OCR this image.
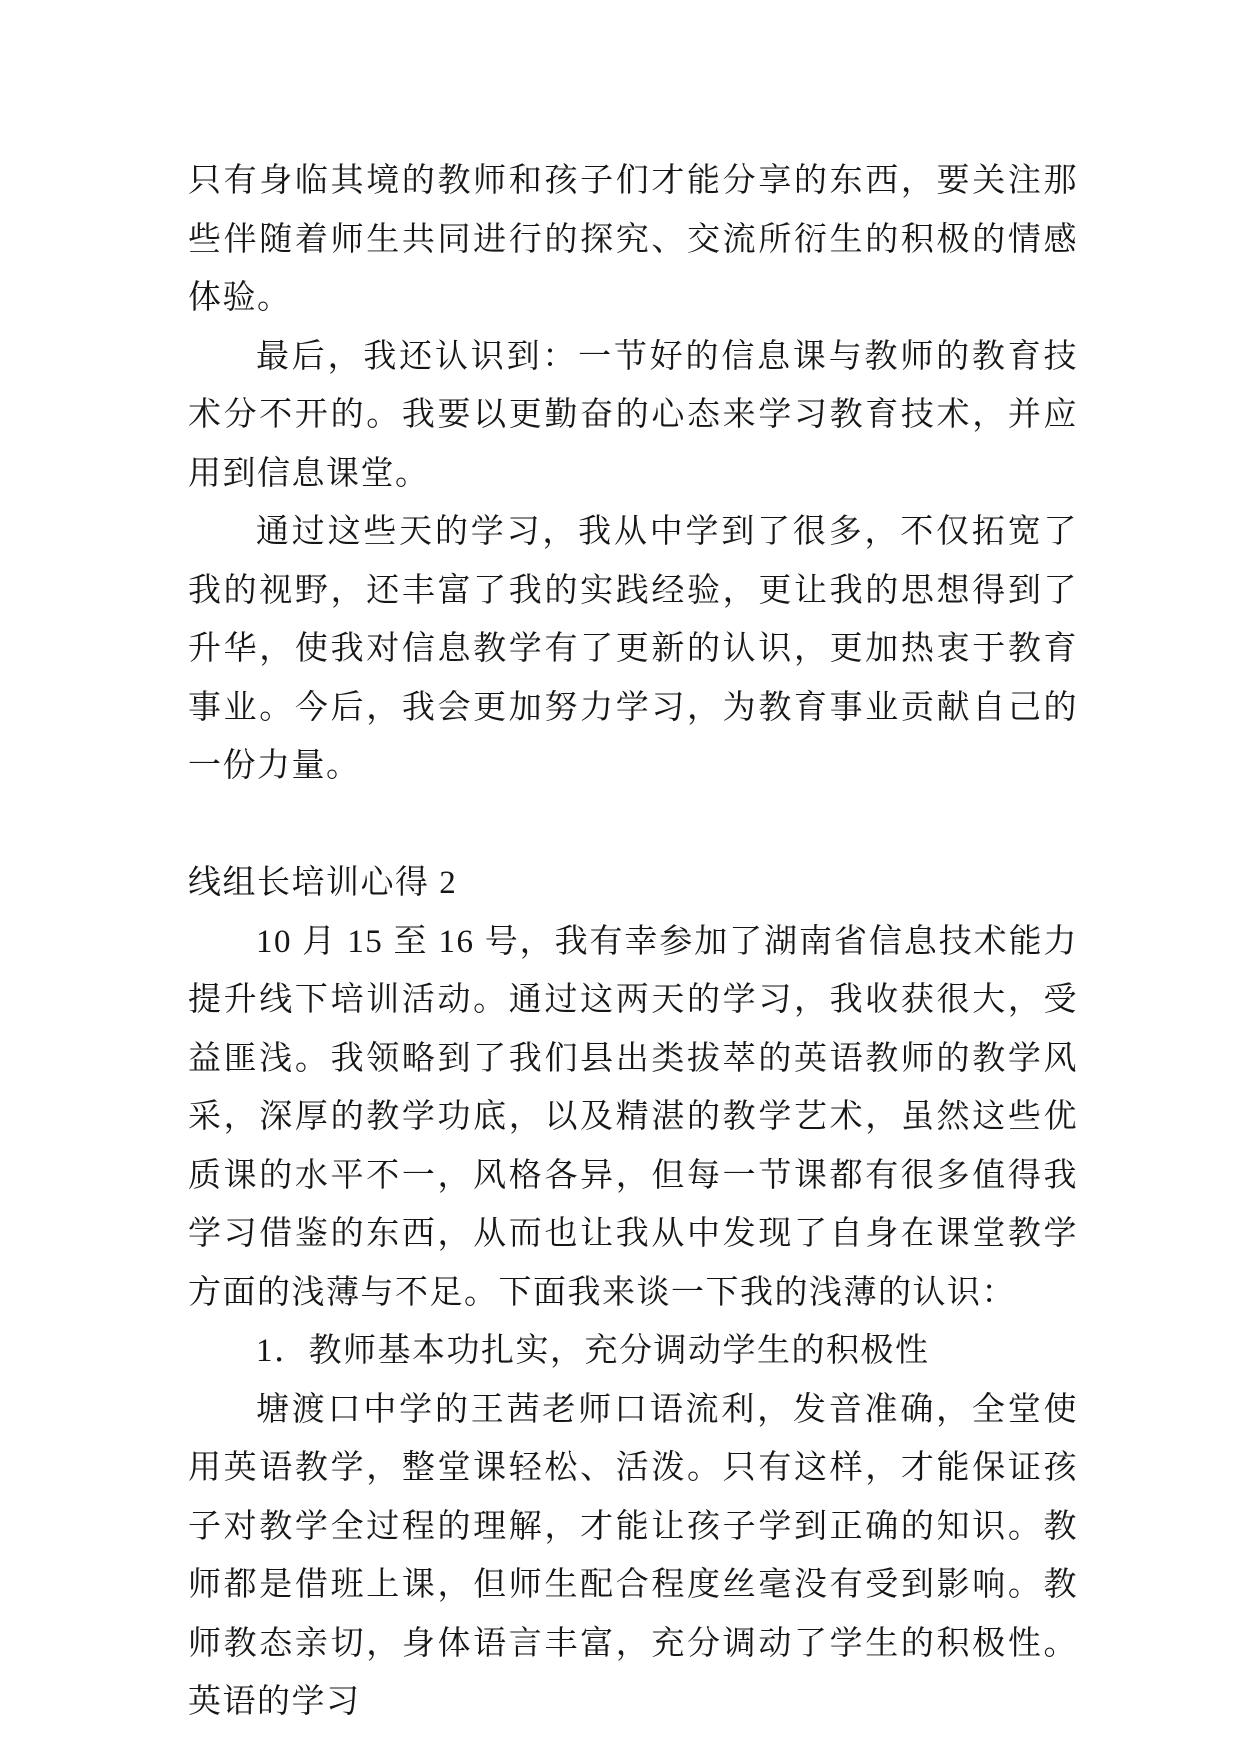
只有身临其境的教师和孩子们才能分享的东西，要关注那些伴随着师生共同进行的探究、交流所衍生的积极的情感体验。

最后，我还认识到：一节好的信息课与教师的教育技术分不开的。我要以更勤奋的心态来学习教育技术，并应用到信息课堂。

通过这些天的学习，我从中学到了很多，不仅拓宽了我的视野，还丰富了我的实践经验，更让我的思想得到了升华，使我对信息教学有了更新的认识，更加热衷于教育事业。今后，我会更加努力学习，为教育事业贡献自己的一份力量。

线组长培训心得 2

10 月 15 至 16 号，我有幸参加了湖南省信息技术能力提升线下培训活动。通过这两天的学习，我收获很大，受益匪浅。我领略到了我们县出类拔萃的英语教师的教学风采，深厚的教学功底，以及精湛的教学艺术，虽然这些优质课的水平不一，风格各异，但每一节课都有很多值得我学习借鉴的东西，从而也让我从中发现了自身在课堂教学方面的浅薄与不足。下面我来谈一下我的浅薄的认识：

1．教师基本功扎实，充分调动学生的积极性

塘渡口中学的王茜老师口语流利，发音准确，全堂使用英语教学，整堂课轻松、活泼。只有这样，才能保证孩子对教学全过程的理解，才能让孩子学到正确的知识。教师都是借班上课，但师生配合程度丝毫没有受到影响。教师教态亲切，身体语言丰富，充分调动了学生的积极性。英语的学习
